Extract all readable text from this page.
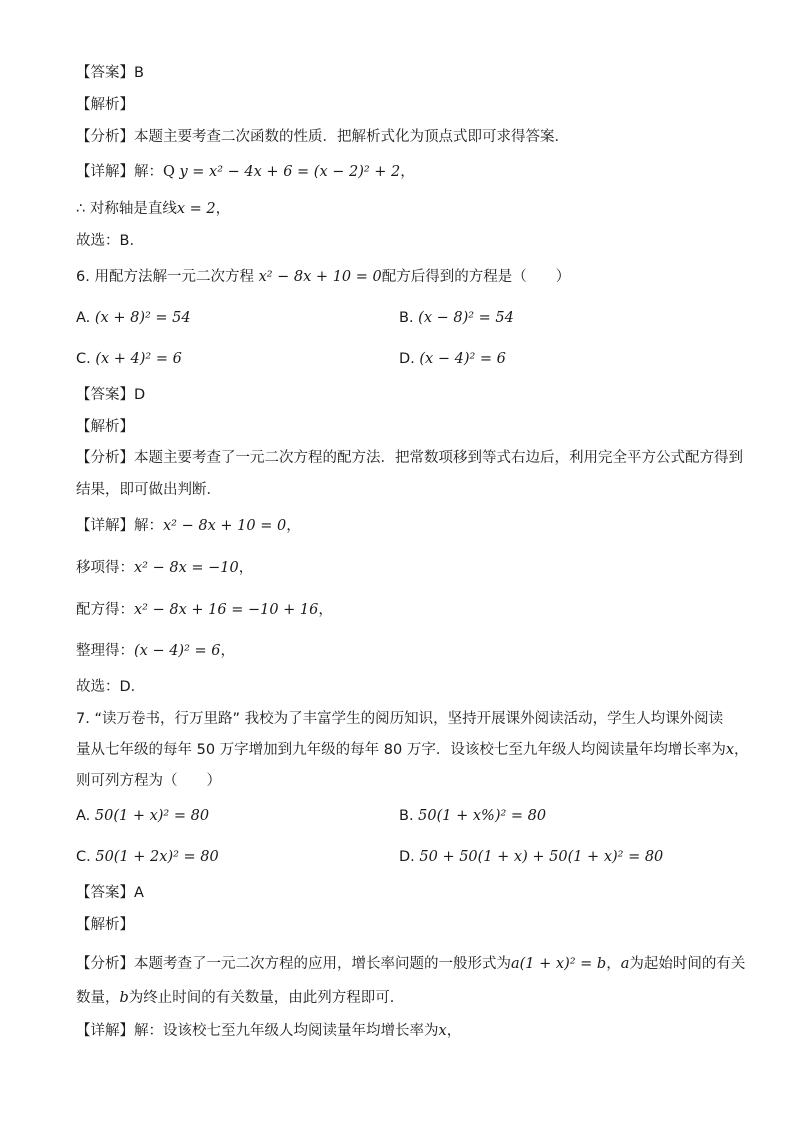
【答案】B
【解析】
【分析】本题主要考查二次函数的性质．把解析式化为顶点式即可求得答案．
【详解】解：Q y = x² − 4x + 6 = (x − 2)² + 2，
∴ 对称轴是直线x = 2，
故选：B．
6. 用配方法解一元二次方程 x² − 8x + 10 = 0配方后得到的方程是（　　）
A. (x + 8)² = 54	B. (x − 8)² = 54
C. (x + 4)² = 6	D. (x − 4)² = 6
【答案】D
【解析】
【分析】本题主要考查了一元二次方程的配方法．把常数项移到等式右边后，利用完全平方公式配方得到
结果，即可做出判断．
【详解】解：x² − 8x + 10 = 0，
移项得：x² − 8x = −10，
配方得：x² − 8x + 16 = −10 + 16，
整理得：(x − 4)² = 6，
故选：D．
7. “读万卷书，行万里路” 我校为了丰富学生的阅历知识，坚持开展课外阅读活动，学生人均课外阅读
量从七年级的每年 50 万字增加到九年级的每年 80 万字．设该校七至九年级人均阅读量年均增长率为x，
则可列方程为（　　）
A. 50(1 + x)² = 80	B. 50(1 + x%)² = 80
C. 50(1 + 2x)² = 80	D. 50 + 50(1 + x) + 50(1 + x)² = 80
【答案】A
【解析】
【分析】本题考查了一元二次方程的应用，增长率问题的一般形式为a(1 + x)² = b，a为起始时间的有关
数量，b为终止时间的有关数量，由此列方程即可．
【详解】解：设该校七至九年级人均阅读量年均增长率为x，
